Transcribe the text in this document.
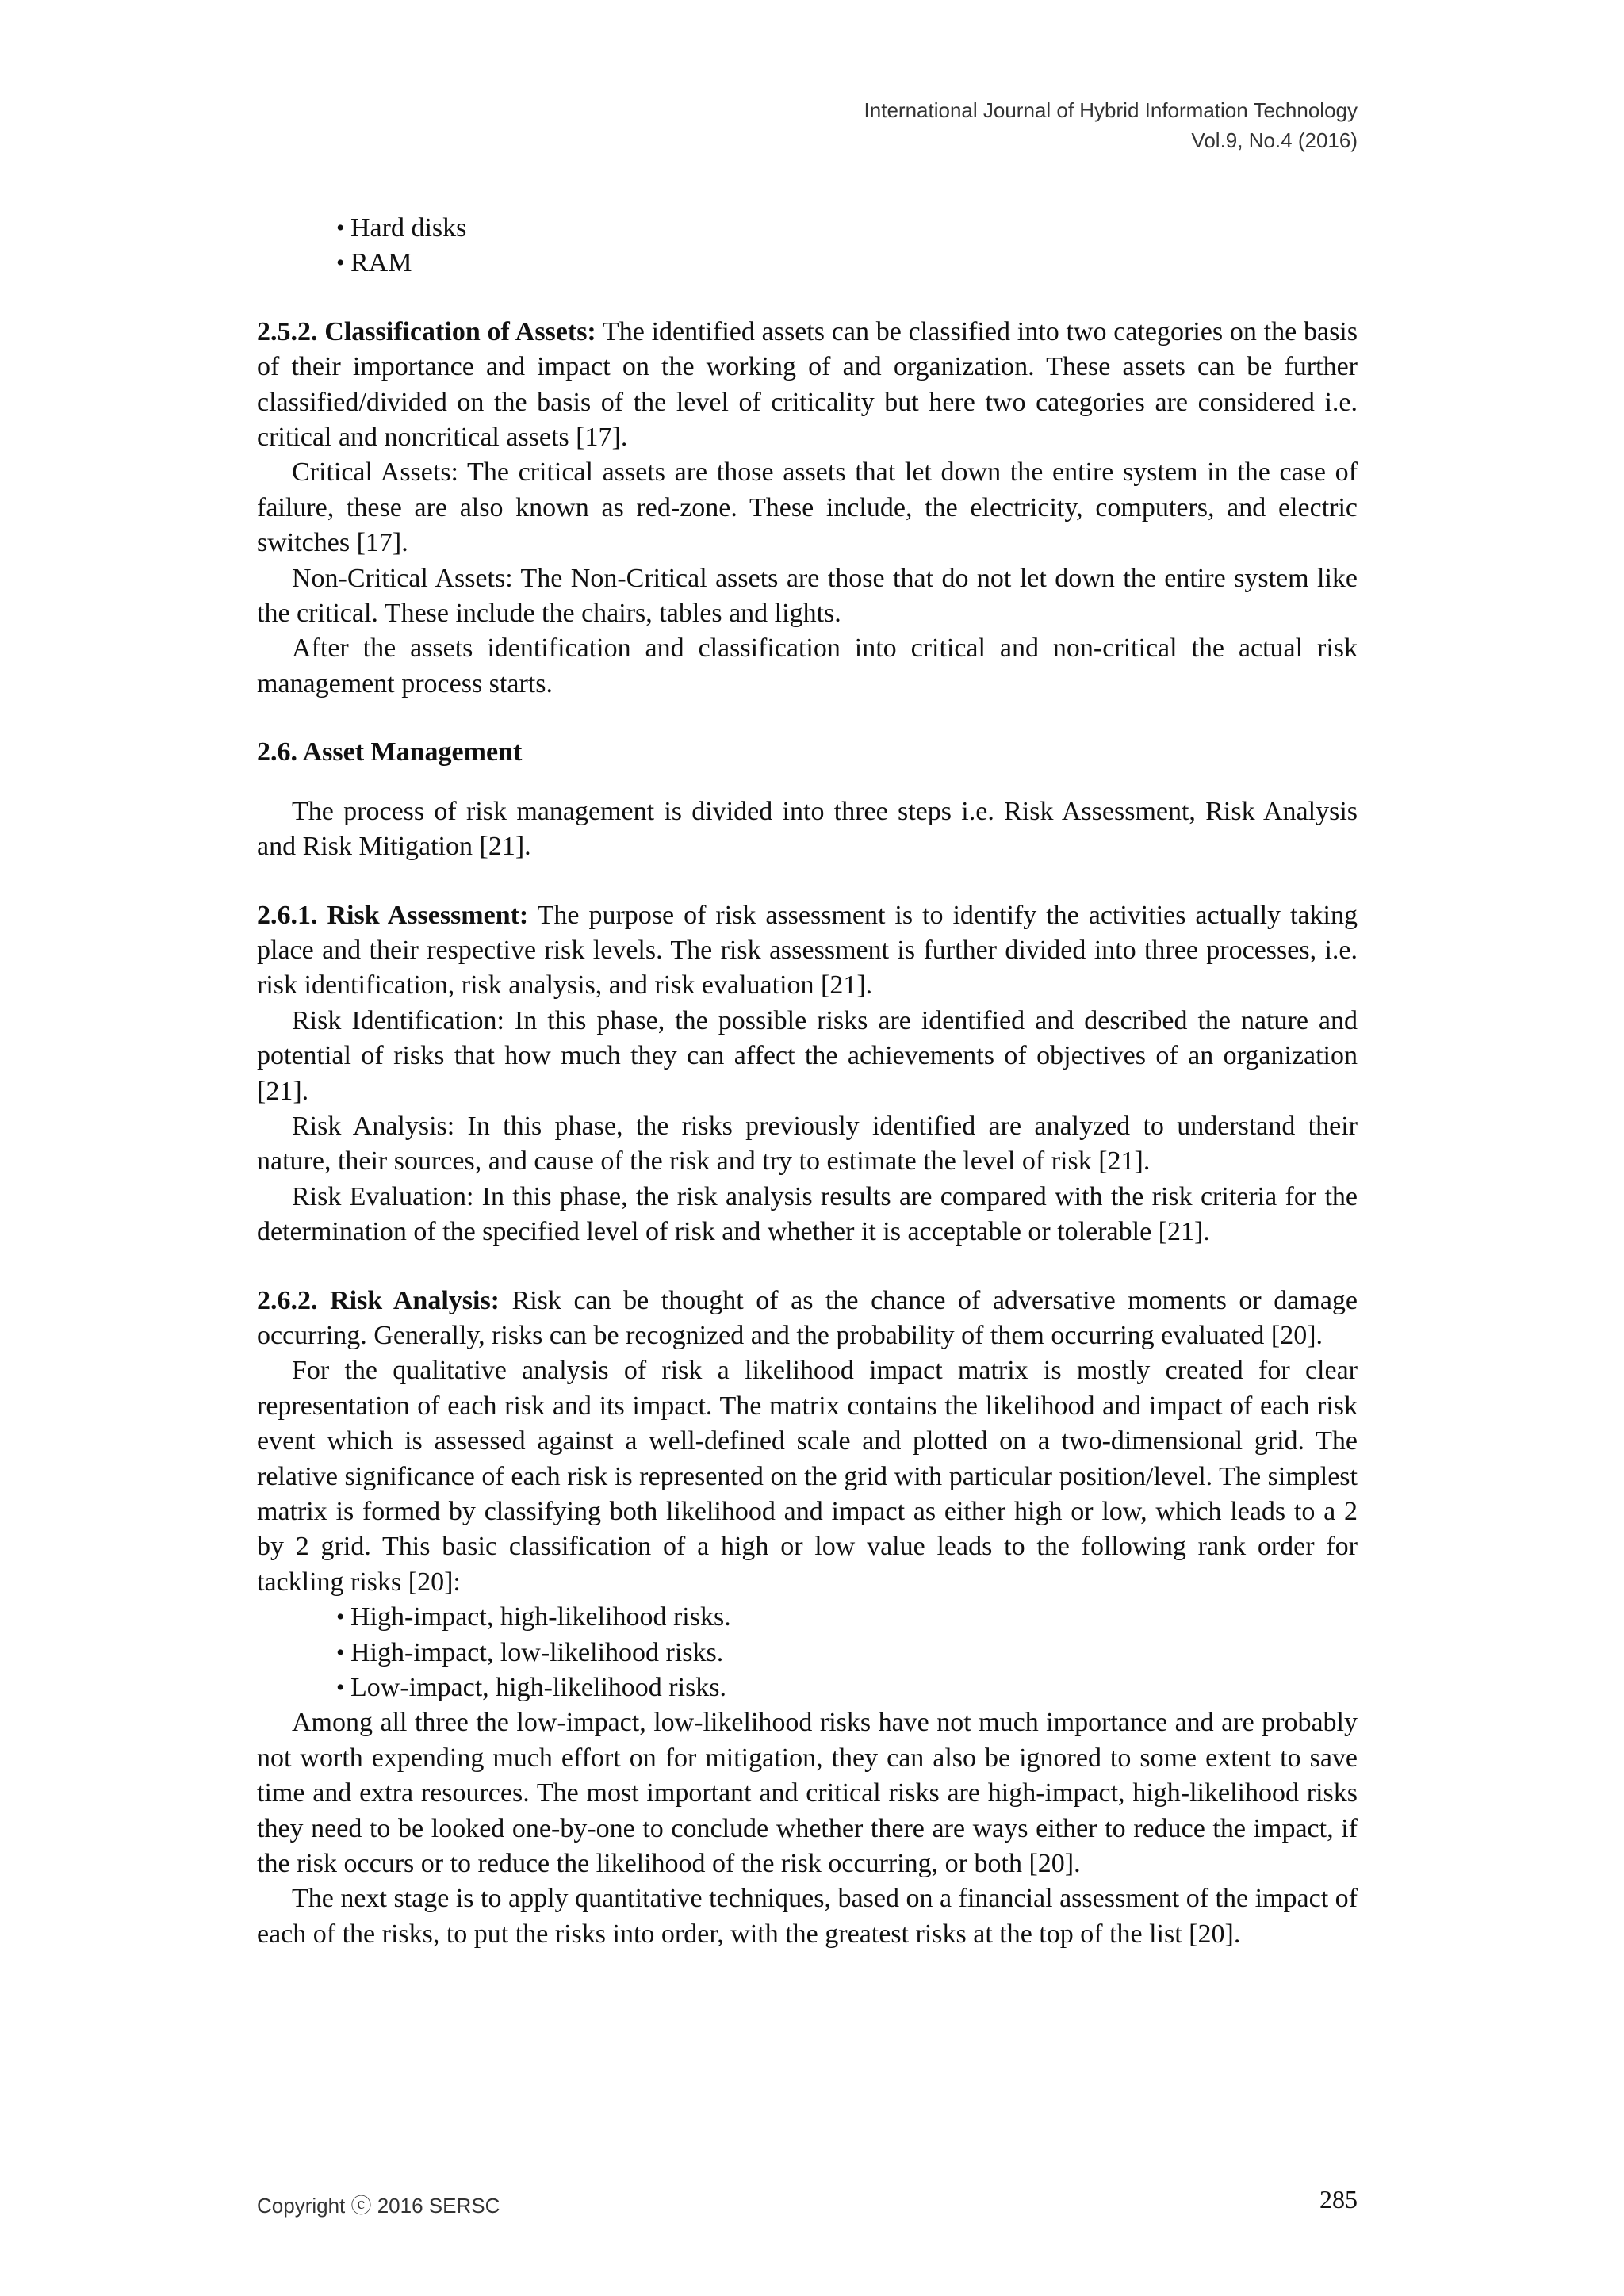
International Journal of Hybrid Information Technology
Vol.9, No.4 (2016)
• Hard disks
• RAM

2.5.2. Classification of Assets: The identified assets can be classified into two categories on the basis of their importance and impact on the working of and organization. These assets can be further classified/divided on the basis of the level of criticality but here two categories are considered i.e. critical and noncritical assets [17].

Critical Assets: The critical assets are those assets that let down the entire system in the case of failure, these are also known as red-zone. These include, the electricity, computers, and electric switches [17].

Non-Critical Assets: The Non-Critical assets are those that do not let down the entire system like the critical. These include the chairs, tables and lights.

After the assets identification and classification into critical and non-critical the actual risk management process starts.

2.6. Asset Management

The process of risk management is divided into three steps i.e. Risk Assessment, Risk Analysis and Risk Mitigation [21].

2.6.1. Risk Assessment: The purpose of risk assessment is to identify the activities actually taking place and their respective risk levels. The risk assessment is further divided into three processes, i.e. risk identification, risk analysis, and risk evaluation [21].

Risk Identification: In this phase, the possible risks are identified and described the nature and potential of risks that how much they can affect the achievements of objectives of an organization [21].

Risk Analysis: In this phase, the risks previously identified are analyzed to understand their nature, their sources, and cause of the risk and try to estimate the level of risk [21].

Risk Evaluation: In this phase, the risk analysis results are compared with the risk criteria for the determination of the specified level of risk and whether it is acceptable or tolerable [21].

2.6.2. Risk Analysis: Risk can be thought of as the chance of adversative moments or damage occurring. Generally, risks can be recognized and the probability of them occurring evaluated [20].

For the qualitative analysis of risk a likelihood impact matrix is mostly created for clear representation of each risk and its impact. The matrix contains the likelihood and impact of each risk event which is assessed against a well-defined scale and plotted on a two-dimensional grid. The relative significance of each risk is represented on the grid with particular position/level. The simplest matrix is formed by classifying both likelihood and impact as either high or low, which leads to a 2 by 2 grid. This basic classification of a high or low value leads to the following rank order for tackling risks [20]:

• High-impact, high-likelihood risks.
• High-impact, low-likelihood risks.
• Low-impact, high-likelihood risks.

Among all three the low-impact, low-likelihood risks have not much importance and are probably not worth expending much effort on for mitigation, they can also be ignored to some extent to save time and extra resources. The most important and critical risks are high-impact, high-likelihood risks they need to be looked one-by-one to conclude whether there are ways either to reduce the impact, if the risk occurs or to reduce the likelihood of the risk occurring, or both [20].

The next stage is to apply quantitative techniques, based on a financial assessment of the impact of each of the risks, to put the risks into order, with the greatest risks at the top of the list [20].

Copyright ⓒ 2016 SERSC	285
